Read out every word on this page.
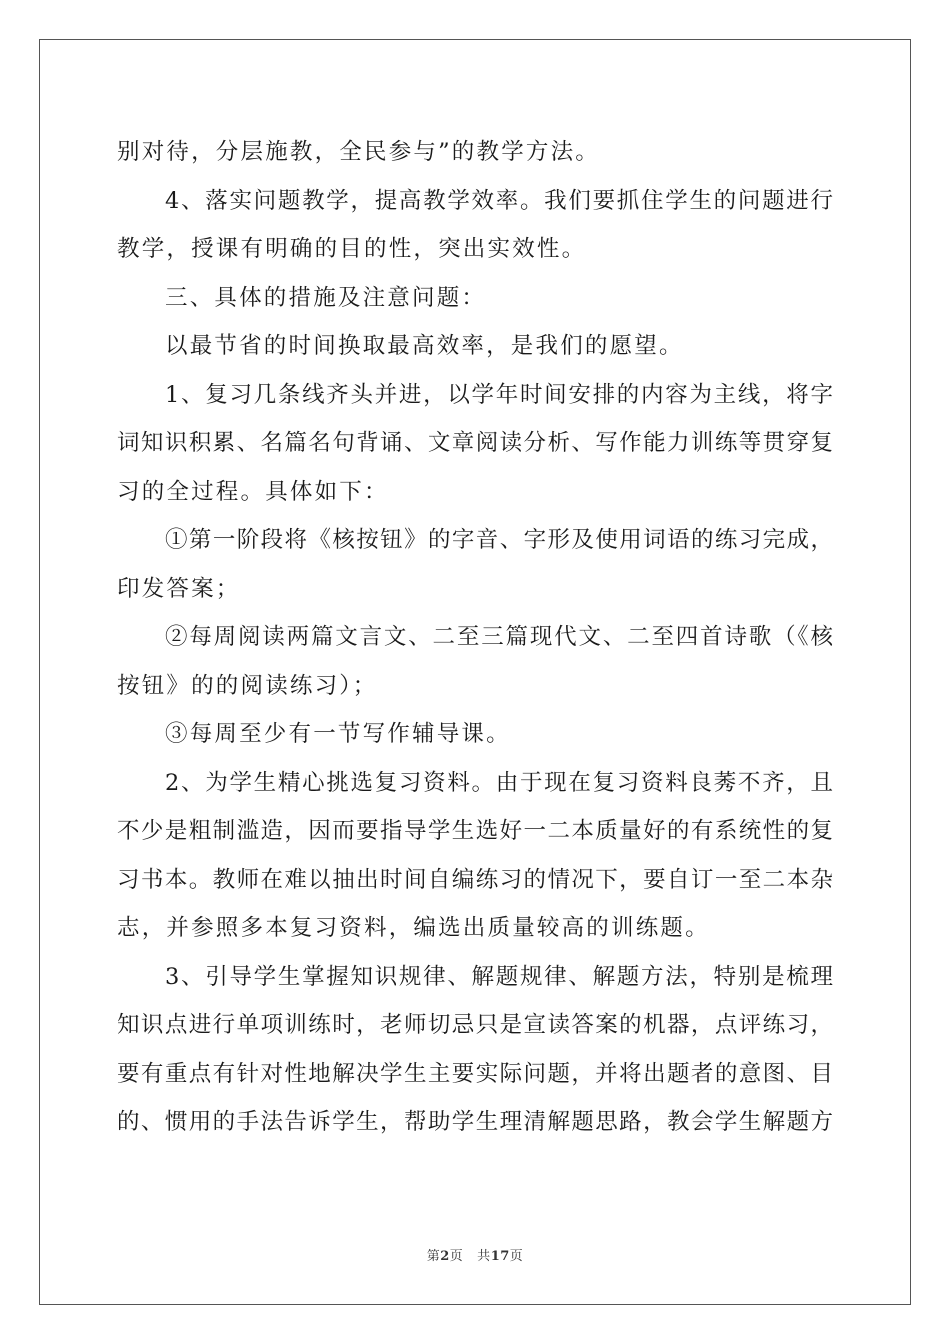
别对待，分层施教，全民参与”的教学方法。
4、落实问题教学，提高教学效率。我们要抓住学生的问题进行
教学，授课有明确的目的性，突出实效性。
三、具体的措施及注意问题：
以最节省的时间换取最高效率，是我们的愿望。
1、复习几条线齐头并进，以学年时间安排的内容为主线，将字
词知识积累、名篇名句背诵、文章阅读分析、写作能力训练等贯穿复
习的全过程。具体如下：
①第一阶段将《核按钮》的字音、字形及使用词语的练习完成，
印发答案；
②每周阅读两篇文言文、二至三篇现代文、二至四首诗歌（《核
按钮》的的阅读练习）；
③每周至少有一节写作辅导课。
2、为学生精心挑选复习资料。由于现在复习资料良莠不齐，且
不少是粗制滥造，因而要指导学生选好一二本质量好的有系统性的复
习书本。教师在难以抽出时间自编练习的情况下，要自订一至二本杂
志，并参照多本复习资料，编选出质量较高的训练题。
3、引导学生掌握知识规律、解题规律、解题方法，特别是梳理
知识点进行单项训练时，老师切忌只是宣读答案的机器，点评练习，
要有重点有针对性地解决学生主要实际问题，并将出题者的意图、目
的、惯用的手法告诉学生，帮助学生理清解题思路，教会学生解题方
第2页 共17页
